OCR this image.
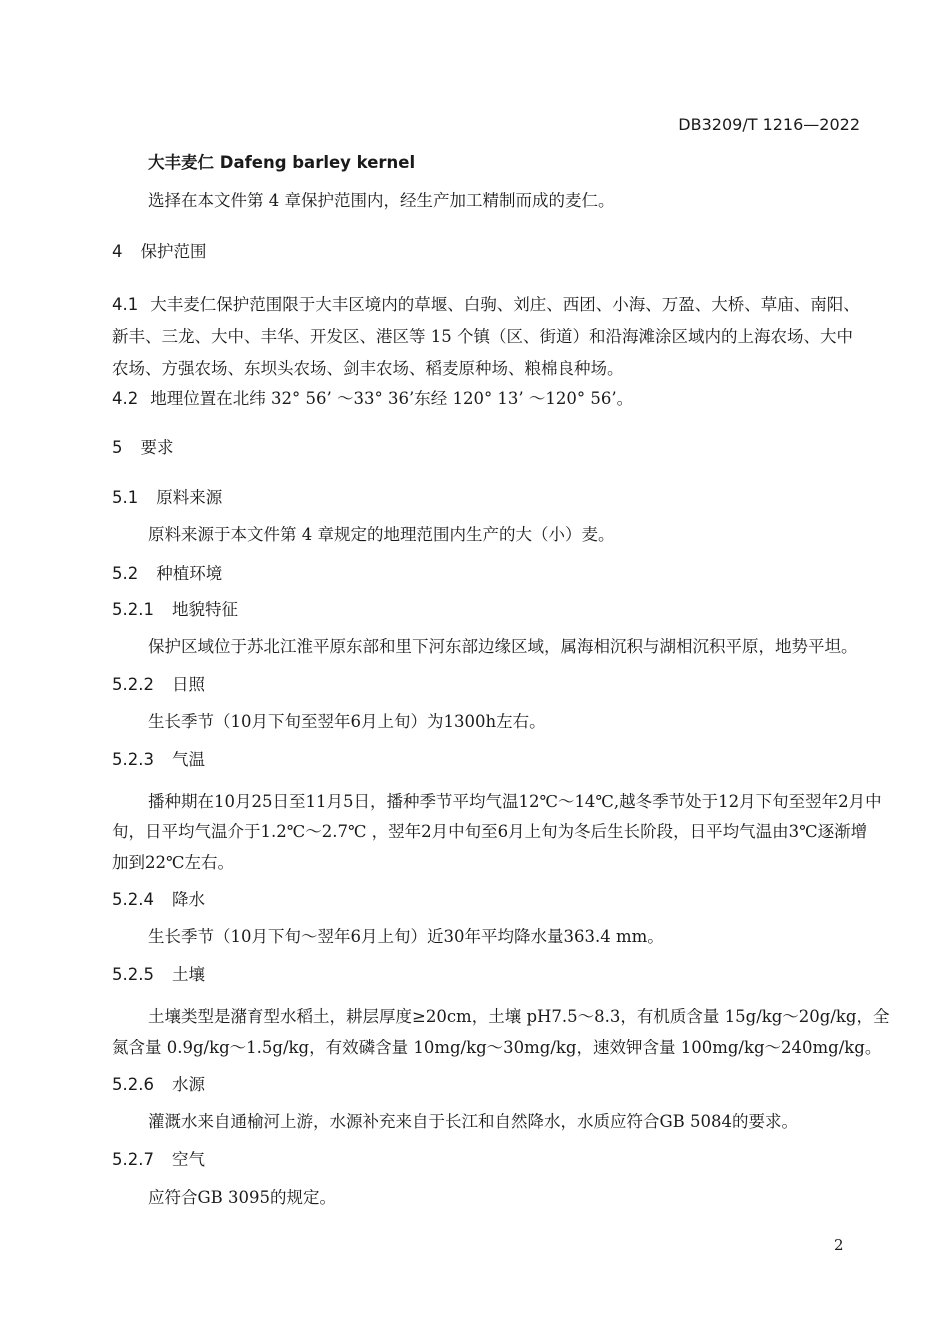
DB3209/T 1216—2022
大丰麦仁 Dafeng barley kernel
选择在本文件第 4 章保护范围内，经生产加工精制而成的麦仁。
4 保护范围
4.1 大丰麦仁保护范围限于大丰区境内的草堰、白驹、刘庄、西团、小海、万盈、大桥、草庙、南阳、
新丰、三龙、大中、丰华、开发区、港区等 15 个镇（区、街道）和沿海滩涂区域内的上海农场、大中
农场、方强农场、东坝头农场、剑丰农场、稻麦原种场、粮棉良种场。
4.2 地理位置在北纬 32° 56’ ～33° 36’东经 120° 13’ ～120° 56’。
5 要求
5.1 原料来源
原料来源于本文件第 4 章规定的地理范围内生产的大（小）麦。
5.2 种植环境
5.2.1 地貌特征
保护区域位于苏北江淮平原东部和里下河东部边缘区域，属海相沉积与湖相沉积平原，地势平坦。
5.2.2 日照
生长季节（10月下旬至翌年6月上旬）为1300h左右。
5.2.3 气温
播种期在10月25日至11月5日，播种季节平均气温12℃～14℃,越冬季节处于12月下旬至翌年2月中
旬，日平均气温介于1.2℃～2.7℃ ，翌年2月中旬至6月上旬为冬后生长阶段，日平均气温由3℃逐渐增
加到22℃左右。
5.2.4 降水
生长季节（10月下旬～翌年6月上旬）近30年平均降水量363.4 mm。
5.2.5 土壤
土壤类型是潴育型水稻土，耕层厚度≥20cm，土壤 pH7.5～8.3，有机质含量 15g/kg～20g/kg，全
氮含量 0.9g/kg～1.5g/kg，有效磷含量 10mg/kg～30mg/kg，速效钾含量 100mg/kg～240mg/kg。
5.2.6 水源
灌溉水来自通榆河上游，水源补充来自于长江和自然降水，水质应符合GB 5084的要求。
5.2.7 空气
应符合GB 3095的规定。
2
